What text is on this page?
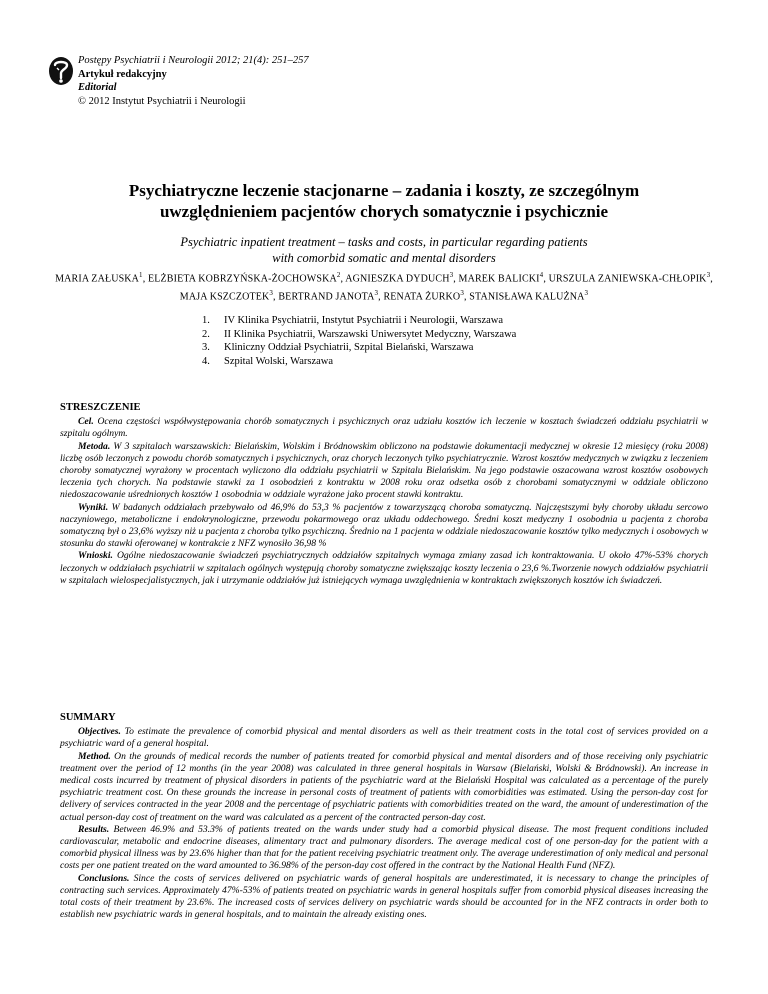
Postępy Psychiatrii i Neurologii 2012; 21(4): 251–257
Artykuł redakcyjny
Editorial
© 2012 Instytut Psychiatrii i Neurologii
Psychiatryczne leczenie stacjonarne – zadania i koszty, ze szczególnym
uwzględnieniem pacjentów chorych somatycznie i psychicznie
Psychiatric inpatient treatment – tasks and costs, in particular regarding patients
with comorbid somatic and mental disorders
MARIA ZAŁUSKA$^1$, ELŻBIETA KOBRZYŃSKA-ŻOCHOWSKA$^2$, AGNIESZKA DYDUCH$^3$, MAREK BALICKI$^4$, URSZULA ZANIEWSKA-CHŁOPIK$^3$, MAJA KSZCZOTEK$^3$, BERTRAND JANOTA$^3$, RENATA ŻURKO$^3$, STANISŁAWA KALUŻNA$^3$
1. IV Klinika Psychiatrii, Instytut Psychiatrii i Neurologii, Warszawa
2. II Klinika Psychiatrii, Warszawski Uniwersytet Medyczny, Warszawa
3. Kliniczny Oddział Psychiatrii, Szpital Bielański, Warszawa
4. Szpital Wolski, Warszawa
STRESZCZENIE

Cel. Ocena częstości współwystępowania chorób somatycznych i psychicznych oraz udziału kosztów ich leczenie w kosztach świadczeń oddziału psychiatrii w szpitalu ogólnym.

Metoda. W 3 szpitalach warszawskich: Bielańskim, Wolskim i Bródnowskim obliczono na podstawie dokumentacji medycznej w okresie 12 miesięcy (roku 2008) liczbę osób leczonych z powodu chorób somatycznych i psychicznych, oraz chorych leczonych tylko psychiatrycznie. Wzrost kosztów medycznych w związku z leczeniem choroby somatycznej wyrażony w procentach wyliczono dla oddziału psychiatrii w Szpitalu Bielańskim. Na jego podstawie oszacowana wzrost kosztów osobowych leczenia tych chorych. Na podstawie stawki za 1 osobodzień z kontraktu w 2008 roku oraz odsetka osób z chorobami somatycznymi w oddziale obliczono niedoszacowanie uśrednionych kosztów 1 osobodnia w oddziale wyrażone jako procent stawki kontraktu.

Wyniki. W badanych oddziałach przebywało od 46,9% do 53,3 % pacjentów z towarzyszącą choroba somatyczną. Najczęstszymi były choroby układu sercowo naczyniowego, metaboliczne i endokrynologiczne, przewodu pokarmowego oraz układu oddechowego. Średni koszt medyczny 1 osobodnia u pacjenta z choroba somatyczną był o 23,6% wyższy niż u pacjenta z choroba tylko psychiczną. Średnio na 1 pacjenta w oddziale niedoszacowanie kosztów tylko medycznych i osobowych w stosunku do stawki oferowanej w kontrakcie z NFZ wynosiło 36,98 %

Wnioski. Ogólne niedoszacowanie świadczeń psychiatrycznych oddziałów szpitalnych wymaga zmiany zasad ich kontraktowania. U około 47%-53% chorych leczonych w oddziałach psychiatrii w szpitalach ogólnych występują choroby somatyczne zwiększając koszty leczenia o 23,6 %.Tworzenie nowych oddziałów psychiatrii w szpitalach wielospecjalistycznych, jak i utrzymanie oddziałów już istniejących wymaga uwzględnienia w kontraktach zwiększonych kosztów ich świadczeń.

SUMMARY

Objectives. To estimate the prevalence of comorbid physical and mental disorders as well as their treatment costs in the total cost of services provided on a psychiatric ward of a general hospital.

Method. On the grounds of medical records the number of patients treated for comorbid physical and mental disorders and of those receiving only psychiatric treatment over the period of 12 months (in the year 2008) was calculated in three general hospitals in Warsaw (Bielański, Wolski & Bródnowski). An increase in medical costs incurred by treatment of physical disorders in patients of the psychiatric ward at the Bielański Hospital was calculated as a percentage of the purely psychiatric treatment cost. On these grounds the increase in personal costs of treatment of patients with comorbidities was estimated. Using the person-day cost for delivery of services contracted in the year 2008 and the percentage of psychiatric patients with comorbidities treated on the ward, the amount of underestimation of the actual person-day cost of treatment on the ward was calculated as a percent of the contracted person-day cost.

Results. Between 46.9% and 53.3% of patients treated on the wards under study had a comorbid physical disease. The most frequent conditions included cardiovascular, metabolic and endocrine diseases, alimentary tract and pulmonary disorders. The average medical cost of one person-day for the patient with a comorbid physical illness was by 23.6% higher than that for the patient receiving psychiatric treatment only. The average underestimation of only medical and personal costs per one patient treated on the ward amounted to 36.98% of the person-day cost offered in the contract by the National Health Fund (NFZ).

Conclusions. Since the costs of services delivered on psychiatric wards of general hospitals are underestimated, it is necessary to change the principles of contracting such services. Approximately 47%-53% of patients treated on psychiatric wards in general hospitals suffer from comorbid physical diseases increasing the total costs of their treatment by 23.6%. The increased costs of services delivery on psychiatric wards should be accounted for in the NFZ contracts in order both to establish new psychiatric wards in general hospitals, and to maintain the already existing ones.
